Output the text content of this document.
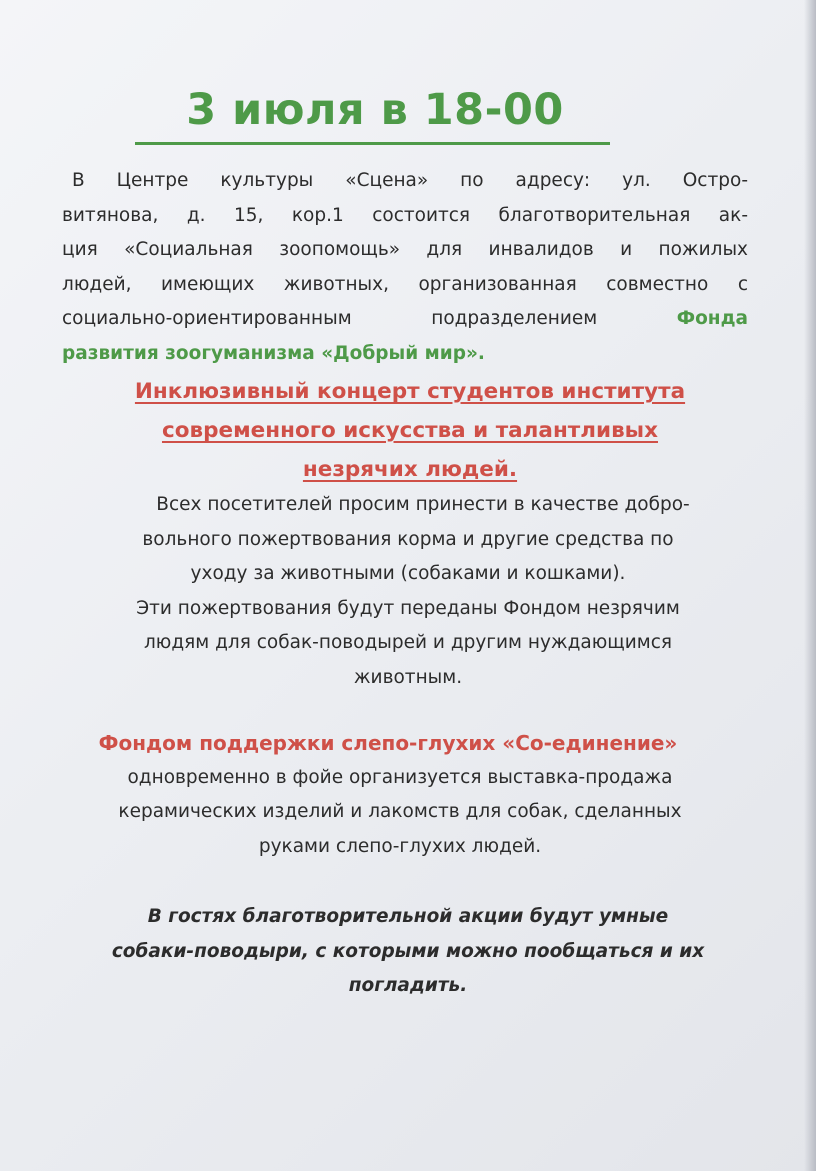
3 июля в 18-00
В Центре культуры «Сцена» по адресу: ул. Остро-
витянова, д. 15, кор.1 состоится благотворительная ак-
ция «Социальная зоопомощь» для инвалидов и пожилых
людей, имеющих животных, организованная совместно с
социально-ориентированным подразделением	Фонда
развития зоогуманизма «Добрый мир».
Инклюзивный концерт студентов института
современного искусства и талантливых
незрячих людей.
Всех посетителей просим принести в качестве добро-
вольного пожертвования корма и другие средства по
уходу за животными (собаками и кошками).
Эти пожертвования будут переданы Фондом незрячим
людям для собак-поводырей и другим нуждающимся
животным.
Фондом поддержки слепо-глухих «Со-единение»
одновременно в фойе организуется выставка-продажа
керамических изделий и лакомств для собак, сделанных
руками слепо-глухих людей.
В гостях благотворительной акции будут умные
собаки-поводыри, с которыми можно пообщаться и их
погладить.
